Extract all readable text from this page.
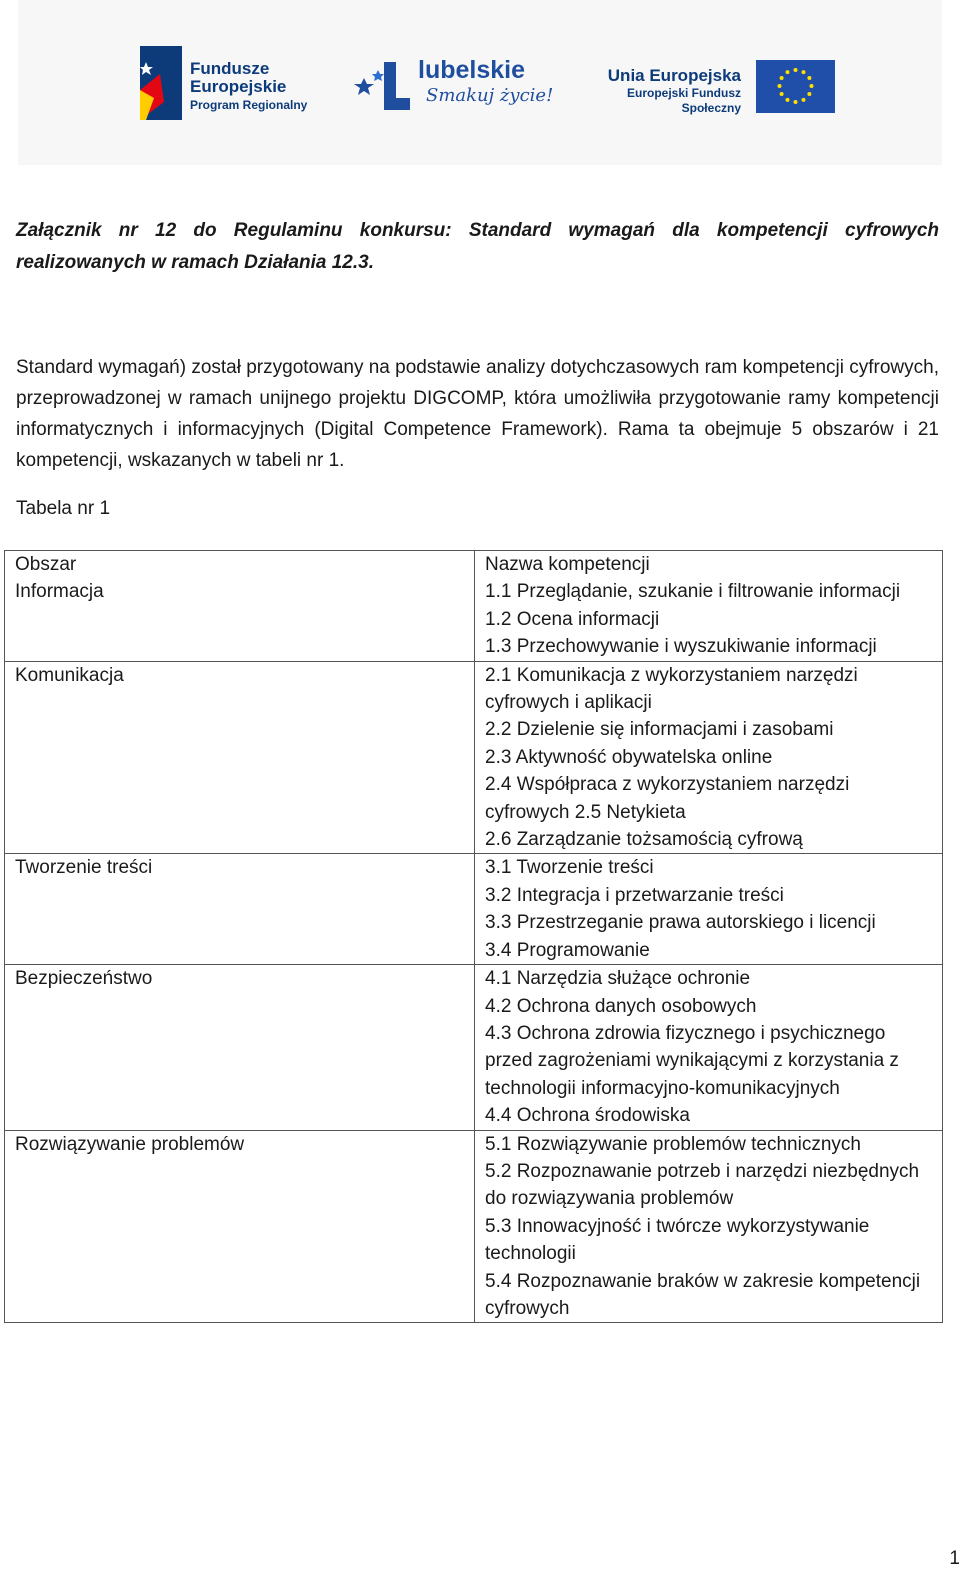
Fundusze
Europejskie
Program Regionalny
lubelskie
Smakuj życie!
Unia Europejska
Europejski Fundusz Społeczny

Załącznik nr 12 do Regulaminu konkursu: Standard wymagań dla kompetencji cyfrowych realizowanych w ramach Działania 12.3.

Standard wymagań) został przygotowany na podstawie analizy dotychczasowych ram kompetencji cyfrowych, przeprowadzonej w ramach unijnego projektu DIGCOMP, która umożliwiła przygotowanie ramy kompetencji informatycznych i informacyjnych (Digital Competence Framework). Rama ta obejmuje 5 obszarów i 21 kompetencji, wskazanych w tabeli nr 1.

Tabela nr 1

Obszar	Nazwa kompetencji
Informacja	1.1 Przeglądanie, szukanie i filtrowanie informacji
1.2 Ocena informacji
1.3 Przechowywanie i wyszukiwanie informacji

Komunikacja	2.1 Komunikacja z wykorzystaniem narzędzi cyfrowych i aplikacji
2.2 Dzielenie się informacjami i zasobami
2.3 Aktywność obywatelska online
2.4 Współpraca z wykorzystaniem narzędzi cyfrowych 2.5 Netykieta
2.6 Zarządzanie tożsamością cyfrową

Tworzenie treści	3.1 Tworzenie treści
3.2 Integracja i przetwarzanie treści
3.3 Przestrzeganie prawa autorskiego i licencji
3.4 Programowanie

Bezpieczeństwo	4.1 Narzędzia służące ochronie
4.2 Ochrona danych osobowych
4.3 Ochrona zdrowia fizycznego i psychicznego przed zagrożeniami wynikającymi z korzystania z technologii informacyjno-komunikacyjnych
4.4 Ochrona środowiska

Rozwiązywanie problemów	5.1 Rozwiązywanie problemów technicznych
5.2 Rozpoznawanie potrzeb i narzędzi niezbędnych do rozwiązywania problemów
5.3 Innowacyjność i twórcze wykorzystywanie technologii
5.4 Rozpoznawanie braków w zakresie kompetencji cyfrowych
1
